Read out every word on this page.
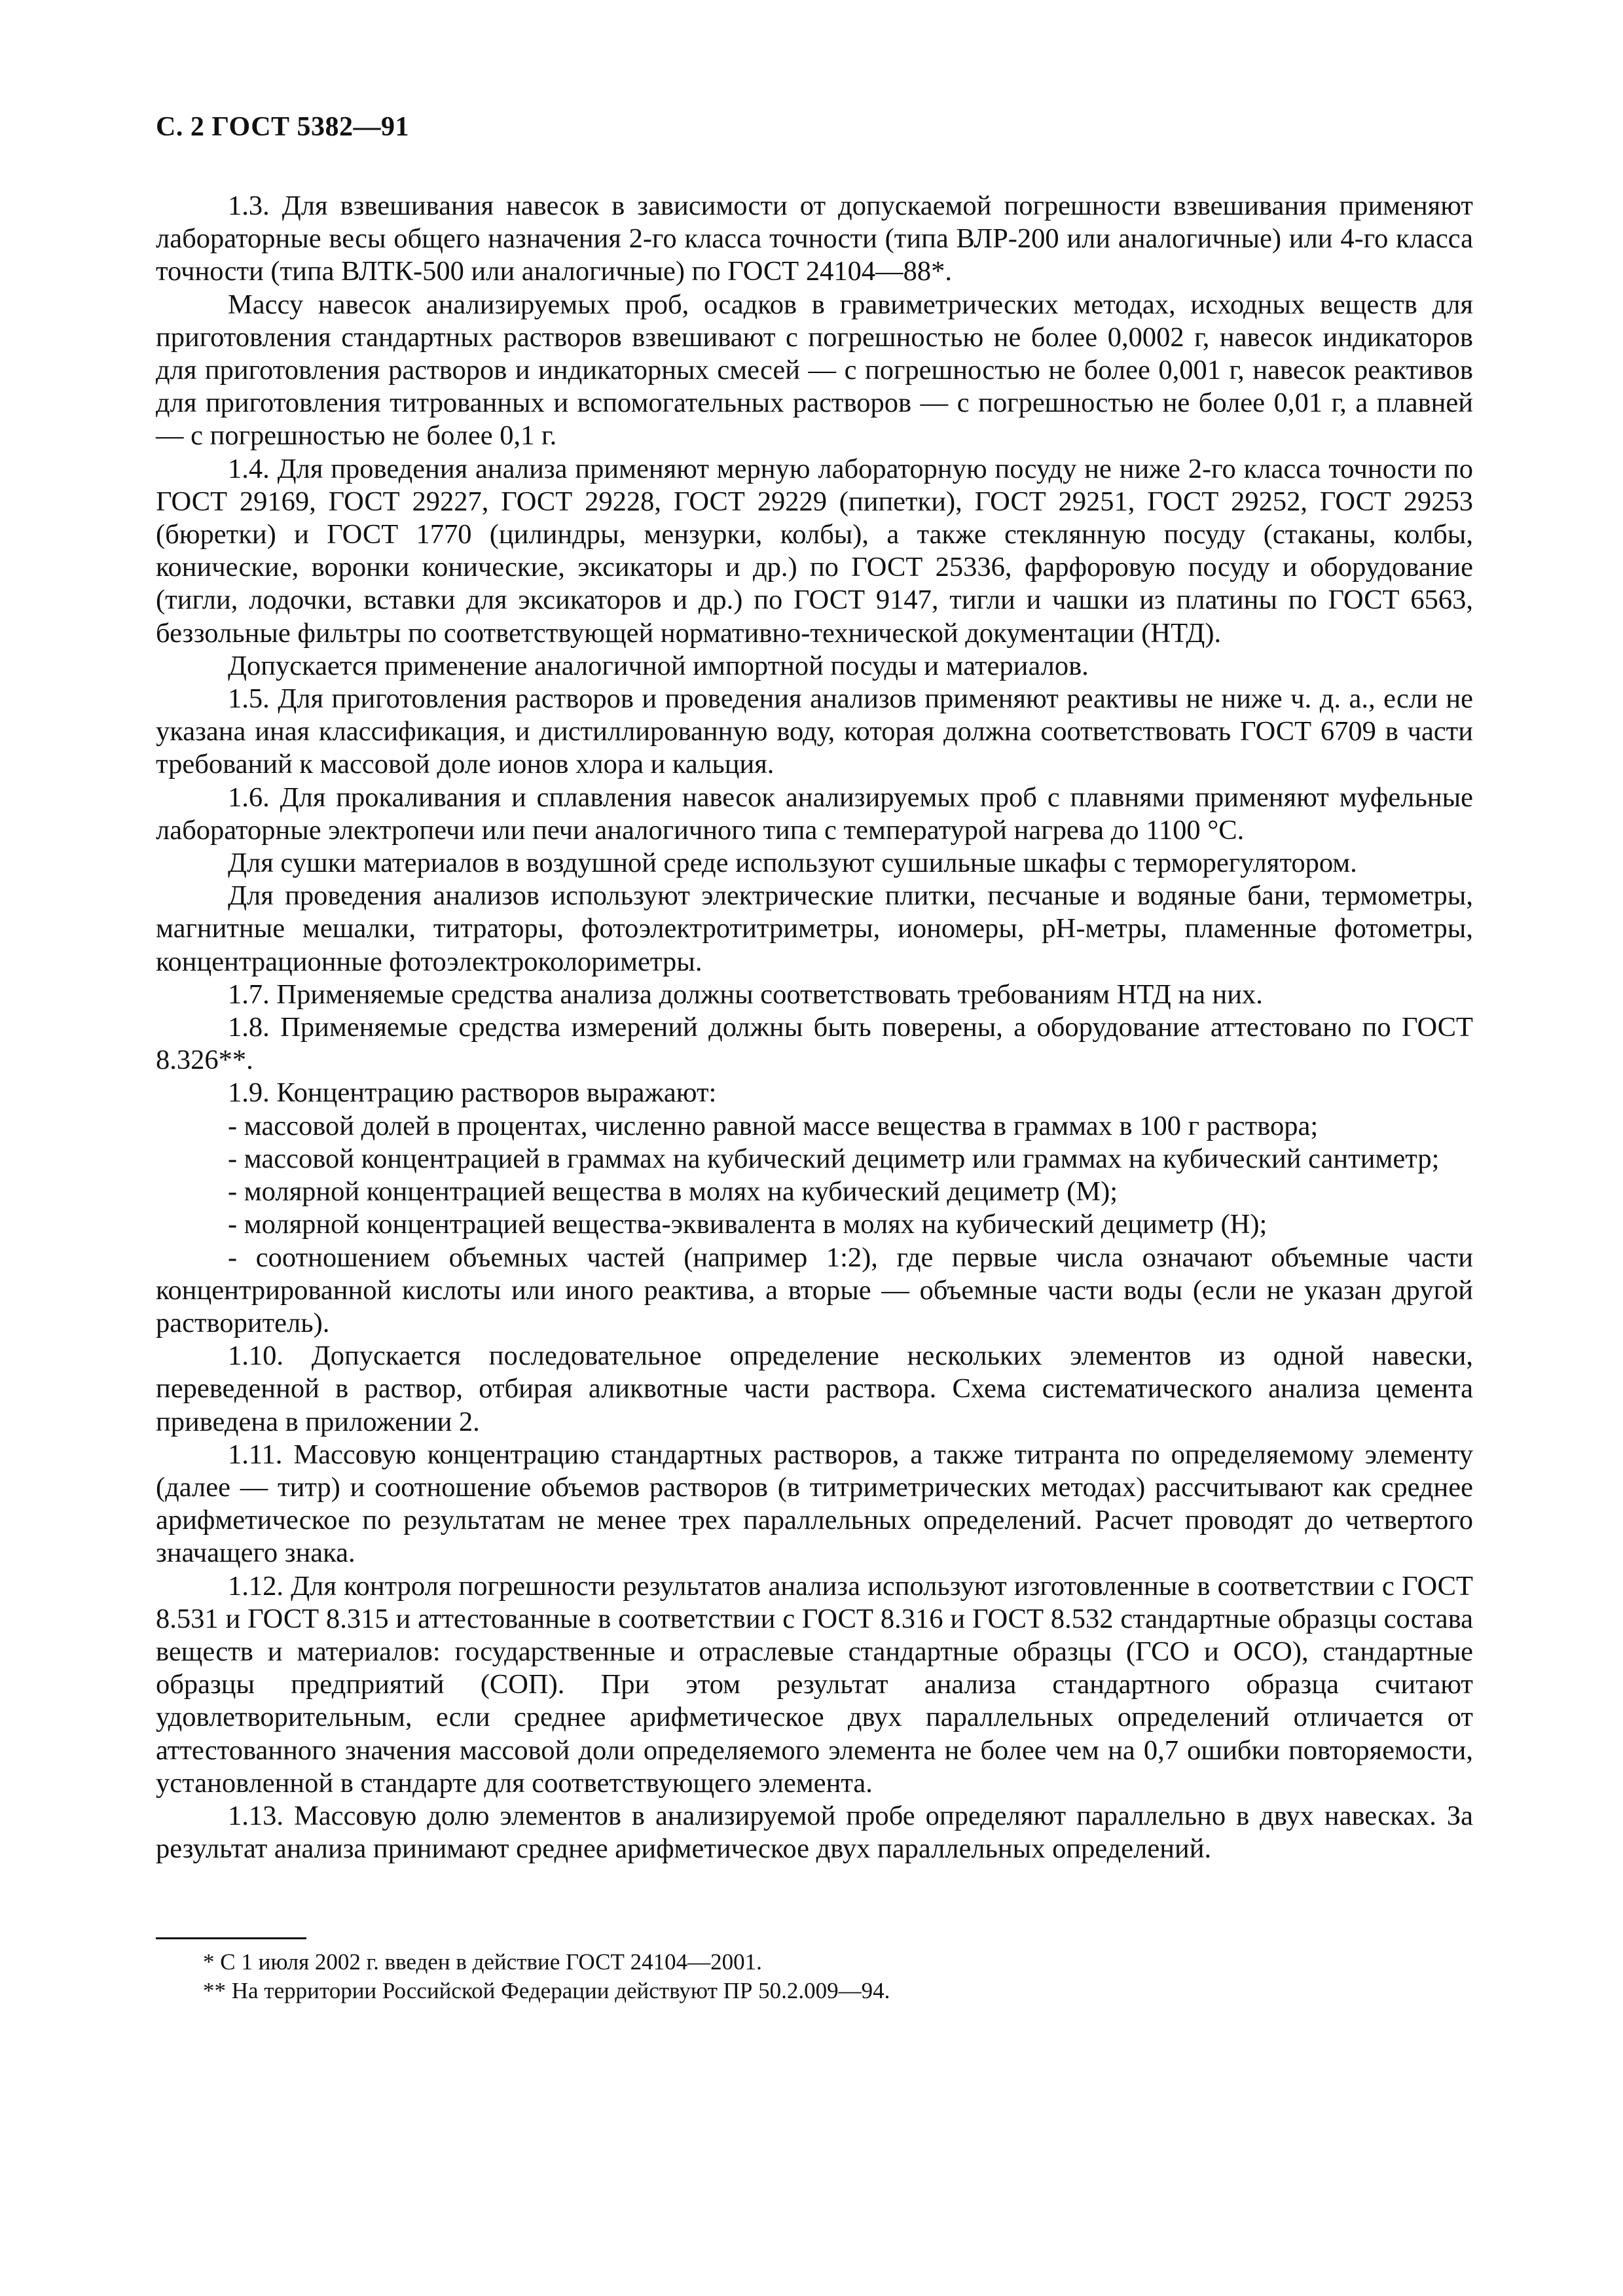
С. 2 ГОСТ 5382—91

1.3. Для взвешивания навесок в зависимости от допускаемой погрешности взвешивания применяют лабораторные весы общего назначения 2-го класса точности (типа ВЛР-200 или аналогичные) или 4-го класса точности (типа ВЛТК-500 или аналогичные) по ГОСТ 24104—88*.

Массу навесок анализируемых проб, осадков в гравиметрических методах, исходных веществ для приготовления стандартных растворов взвешивают с погрешностью не более 0,0002 г, навесок индикаторов для приготовления растворов и индикаторных смесей — с погрешностью не более 0,001 г, навесок реактивов для приготовления титрованных и вспомогательных растворов — с погрешностью не более 0,01 г, а плавней — с погрешностью не более 0,1 г.

1.4. Для проведения анализа применяют мерную лабораторную посуду не ниже 2-го класса точности по ГОСТ 29169, ГОСТ 29227, ГОСТ 29228, ГОСТ 29229 (пипетки), ГОСТ 29251, ГОСТ 29252, ГОСТ 29253 (бюретки) и ГОСТ 1770 (цилиндры, мензурки, колбы), а также стеклянную посуду (стаканы, колбы, конические, воронки конические, эксикаторы и др.) по ГОСТ 25336, фарфоровую посуду и оборудование (тигли, лодочки, вставки для эксикаторов и др.) по ГОСТ 9147, тигли и чашки из платины по ГОСТ 6563, беззольные фильтры по соответствующей нормативно-технической документации (НТД).

Допускается применение аналогичной импортной посуды и материалов.

1.5. Для приготовления растворов и проведения анализов применяют реактивы не ниже ч. д. а., если не указана иная классификация, и дистиллированную воду, которая должна соответствовать ГОСТ 6709 в части требований к массовой доле ионов хлора и кальция.

1.6. Для прокаливания и сплавления навесок анализируемых проб с плавнями применяют муфельные лабораторные электропечи или печи аналогичного типа с температурой нагрева до 1100 °С.

Для сушки материалов в воздушной среде используют сушильные шкафы с терморегулятором.

Для проведения анализов используют электрические плитки, песчаные и водяные бани, термометры, магнитные мешалки, титраторы, фотоэлектротитриметры, иономеры, рН-метры, пламенные фотометры, концентрационные фотоэлектроколориметры.

1.7. Применяемые средства анализа должны соответствовать требованиям НТД на них.

1.8. Применяемые средства измерений должны быть поверены, а оборудование аттестовано по ГОСТ 8.326**.

1.9. Концентрацию растворов выражают:

- массовой долей в процентах, численно равной массе вещества в граммах в 100 г раствора;

- массовой концентрацией в граммах на кубический дециметр или граммах на кубический сантиметр;

- молярной концентрацией вещества в молях на кубический дециметр (М);

- молярной концентрацией вещества-эквивалента в молях на кубический дециметр (Н);

- соотношением объемных частей (например 1:2), где первые числа означают объемные части концентрированной кислоты или иного реактива, а вторые — объемные части воды (если не указан другой растворитель).

1.10. Допускается последовательное определение нескольких элементов из одной навески, переведенной в раствор, отбирая аликвотные части раствора. Схема систематического анализа цемента приведена в приложении 2.

1.11. Массовую концентрацию стандартных растворов, а также титранта по определяемому элементу (далее — титр) и соотношение объемов растворов (в титриметрических методах) рассчитывают как среднее арифметическое по результатам не менее трех параллельных определений. Расчет проводят до четвертого значащего знака.

1.12. Для контроля погрешности результатов анализа используют изготовленные в соответствии с ГОСТ 8.531 и ГОСТ 8.315 и аттестованные в соответствии с ГОСТ 8.316 и ГОСТ 8.532 стандартные образцы состава веществ и материалов: государственные и отраслевые стандартные образцы (ГСО и ОСО), стандартные образцы предприятий (СОП). При этом результат анализа стандартного образца считают удовлетворительным, если среднее арифметическое двух параллельных определений отличается от аттестованного значения массовой доли определяемого элемента не более чем на 0,7 ошибки повторяемости, установленной в стандарте для соответствующего элемента.

1.13. Массовую долю элементов в анализируемой пробе определяют параллельно в двух навесках. За результат анализа принимают среднее арифметическое двух параллельных определений.

* С 1 июля 2002 г. введен в действие ГОСТ 24104—2001.

** На территории Российской Федерации действуют ПР 50.2.009—94.
